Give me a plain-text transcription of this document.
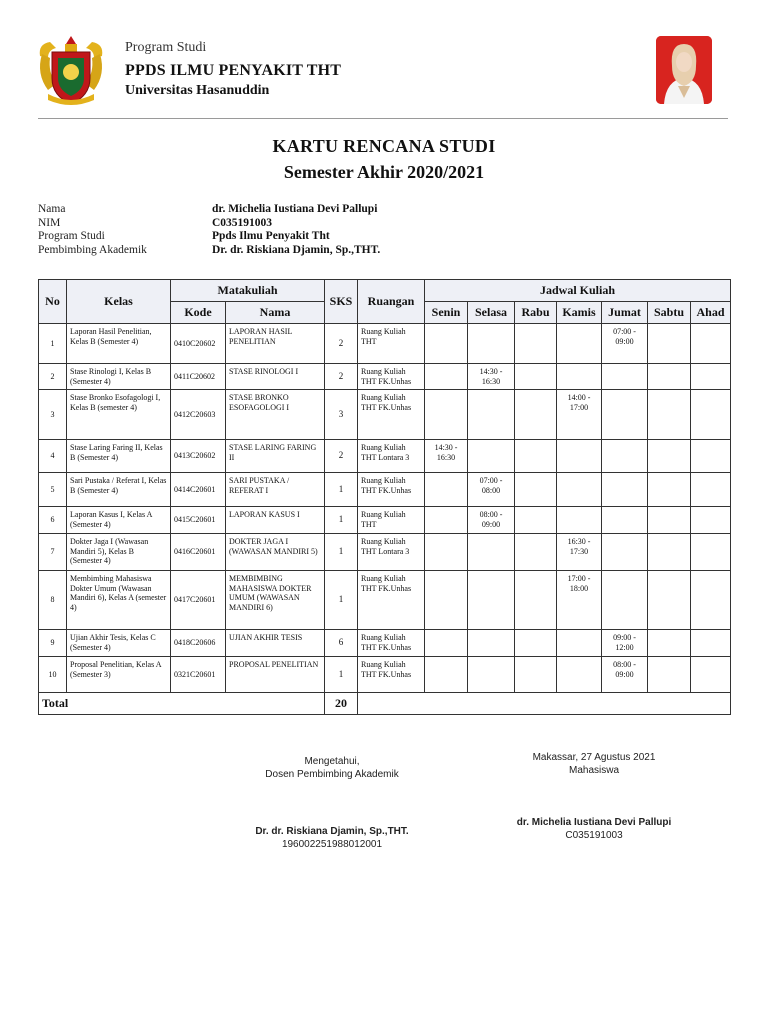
Program Studi
PPDS ILMU PENYAKIT THT
Universitas Hasanuddin
KARTU RENCANA STUDI
Semester Akhir 2020/2021
Nama	dr. Michelia Iustiana Devi Pallupi
NIM	C035191003
Program Studi	Ppds Ilmu Penyakit Tht
Pembimbing Akademik	Dr. dr. Riskiana Djamin, Sp.,THT.
No	Kelas	Matakuliah		SKS	Ruangan	Jadwal Kuliah						
		Kode	Nama			Senin	Selasa	Rabu	Kamis	Jumat	Sabtu	Ahad
1	Laporan Hasil Penelitian, Kelas B (Semester 4)	0410C20602	LAPORAN HASIL PENELITIAN	2	Ruang Kuliah THT					07:00 - 09:00		
2	Stase Rinologi I, Kelas B (Semester 4)	0411C20602	STASE RINOLOGI I	2	Ruang Kuliah THT FK.Unhas		14:30 - 16:30					
3	Stase Bronko Esofagologi I, Kelas B (semester 4)	0412C20603	STASE BRONKO ESOFAGOLOGI I	3	Ruang Kuliah THT FK.Unhas				14:00 - 17:00			
4	Stase Laring Faring II, Kelas B (Semester 4)	0413C20602	STASE LARING FARING II	2	Ruang Kuliah THT Lontara 3	14:30 - 16:30						
5	Sari Pustaka / Referat I, Kelas B (Semester 4)	0414C20601	SARI PUSTAKA / REFERAT I	1	Ruang Kuliah THT FK.Unhas		07:00 - 08:00					
6	Laporan Kasus I, Kelas A (Semester 4)	0415C20601	LAPORAN KASUS I	1	Ruang Kuliah THT		08:00 - 09:00					
7	Dokter Jaga I (Wawasan Mandiri 5), Kelas B (Semester 4)	0416C20601	DOKTER JAGA I (WAWASAN MANDIRI 5)	1	Ruang Kuliah THT Lontara 3				16:30 - 17:30			
8	Membimbing Mahasiswa Dokter Umum (Wawasan Mandiri 6), Kelas A (semester 4)	0417C20601	MEMBIMBING MAHASISWA DOKTER UMUM (WAWASAN MANDIRI 6)	1	Ruang Kuliah THT FK.Unhas				17:00 - 18:00			
9	Ujian Akhir Tesis, Kelas C (Semester 4)	0418C20606	UJIAN AKHIR TESIS	6	Ruang Kuliah THT FK.Unhas					09:00 - 12:00		
10	Proposal Penelitian, Kelas A (Semester 3)	0321C20601	PROPOSAL PENELITIAN	1	Ruang Kuliah THT FK.Unhas					08:00 - 09:00		
Total				20								
Mengetahui,
Dosen Pembimbing Akademik
Dr. dr. Riskiana Djamin, Sp.,THT.
196002251988012001
Makassar, 27 Agustus 2021
Mahasiswa
dr. Michelia Iustiana Devi Pallupi
C035191003
